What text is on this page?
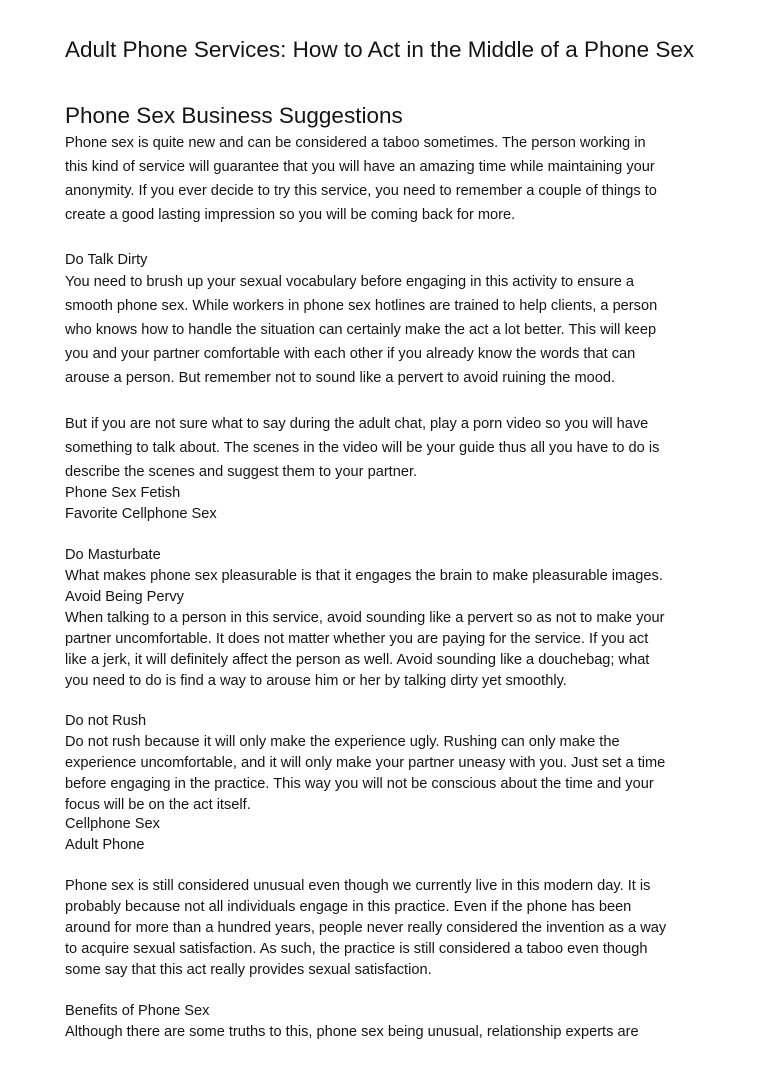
Adult Phone Services: How to Act in the Middle of a Phone Sex
Phone Sex Business Suggestions

Phone sex is quite new and can be considered a taboo sometimes. The person working in

this kind of service will guarantee that you will have an amazing time while maintaining your

anonymity. If you ever decide to try this service, you need to remember a couple of things to

create a good lasting impression so you will be coming back for more.

Do Talk Dirty

You need to brush up your sexual vocabulary before engaging in this activity to ensure a

smooth phone sex. While workers in phone sex hotlines are trained to help clients, a person

who knows how to handle the situation can certainly make the act a lot better. This will keep

you and your partner comfortable with each other if you already know the words that can

arouse a person. But remember not to sound like a pervert to avoid ruining the mood.

But if you are not sure what to say during the adult chat, play a porn video so you will have

something to talk about. The scenes in the video will be your guide thus all you have to do is

describe the scenes and suggest them to your partner.

Phone Sex Fetish

Favorite Cellphone Sex

Do Masturbate

What makes phone sex pleasurable is that it engages the brain to make pleasurable images.

Avoid Being Pervy

When talking to a person in this service, avoid sounding like a pervert so as not to make your

partner uncomfortable. It does not matter whether you are paying for the service. If you act

like a jerk, it will definitely affect the person as well. Avoid sounding like a douchebag; what

you need to do is find a way to arouse him or her by talking dirty yet smoothly.

Do not Rush

Do not rush because it will only make the experience ugly. Rushing can only make the

experience uncomfortable, and it will only make your partner uneasy with you. Just set a time

before engaging in the practice. This way you will not be conscious about the time and your

focus will be on the act itself.

Cellphone Sex

Adult Phone

Phone sex is still considered unusual even though we currently live in this modern day. It is

probably because not all individuals engage in this practice. Even if the phone has been

around for more than a hundred years, people never really considered the invention as a way

to acquire sexual satisfaction. As such, the practice is still considered a taboo even though

some say that this act really provides sexual satisfaction.

Benefits of Phone Sex

Although there are some truths to this, phone sex being unusual, relationship experts are
